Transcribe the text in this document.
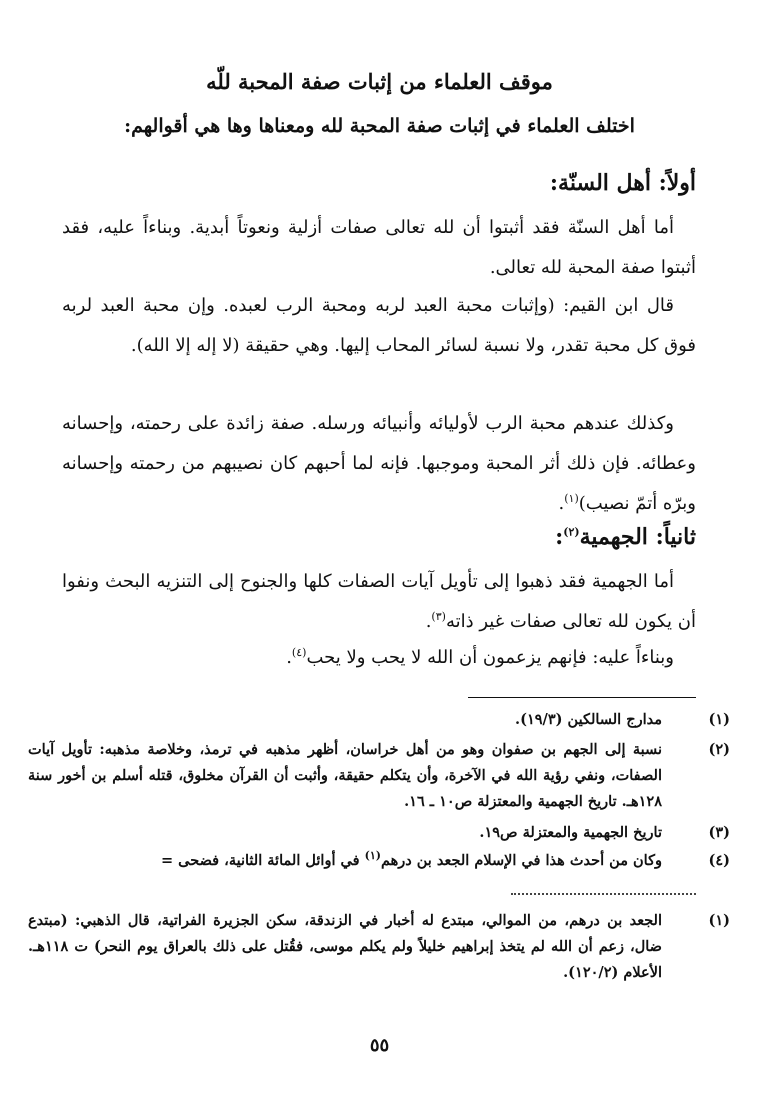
موقف العلماء من إثبات صفة المحبة للّه
اختلف العلماء في إثبات صفة المحبة لله ومعناها وها هي أقوالهم:
أولاً: أهل السنّة:

أما أهل السنّة فقد أثبتوا أن لله تعالى صفات أزلية ونعوتاً أبدية. وبناءاً عليه، فقد أثبتوا صفة المحبة لله تعالى.

قال ابن القيم: (وإثبات محبة العبد لربه ومحبة الرب لعبده. وإن محبة العبد لربه فوق كل محبة تقدر، ولا نسبة لسائر المحاب إليها. وهي حقيقة (لا إله إلا الله).

وكذلك عندهم محبة الرب لأوليائه وأنبيائه ورسله. صفة زائدة على رحمته، وإحسانه وعطائه. فإن ذلك أثر المحبة وموجبها. فإنه لما أحبهم كان نصيبهم من رحمته وإحسانه وبرّه أتمّ نصيب)$^{(١)}$.

ثانياً: الجهمية$^{(٢)}$:

أما الجهمية فقد ذهبوا إلى تأويل آيات الصفات كلها والجنوح إلى التنزيه البحث ونفوا أن يكون لله تعالى صفات غير ذاته$^{(٣)}$.

وبناءاً عليه: فإنهم يزعمون أن الله لا يحب ولا يحب$^{(٤)}$.

(١)مدارج السالكين (١٩/٣).

(٢)نسبة إلى الجهم بن صفوان وهو من أهل خراسان، أظهر مذهبه في ترمذ، وخلاصة مذهبه: تأويل آيات الصفات، ونفي رؤية الله في الآخرة، وأن يتكلم حقيقة، وأثبت أن القرآن مخلوق، قتله أسلم بن أخور سنة ١٢٨هـ. تاريخ الجهمية والمعتزلة ص١٠ ـ ١٦.

(٣)تاريخ الجهمية والمعتزلة ص١٩.

(٤)وكان من أحدث هذا في الإسلام الجعد بن درهم$^{(١)}$ في أوائل المائة الثانية، فضحى =

(١)الجعد بن درهم، من الموالي، مبتدع له أخبار في الزندقة، سكن الجزيرة الفراتية، قال الذهبي: (مبتدع ضال، زعم أن الله لم يتخذ إبراهيم خليلاً ولم يكلم موسى، فقُتل على ذلك بالعراق يوم النحر) ت ١١٨هـ. الأعلام (١٢٠/٢).

٥٥
